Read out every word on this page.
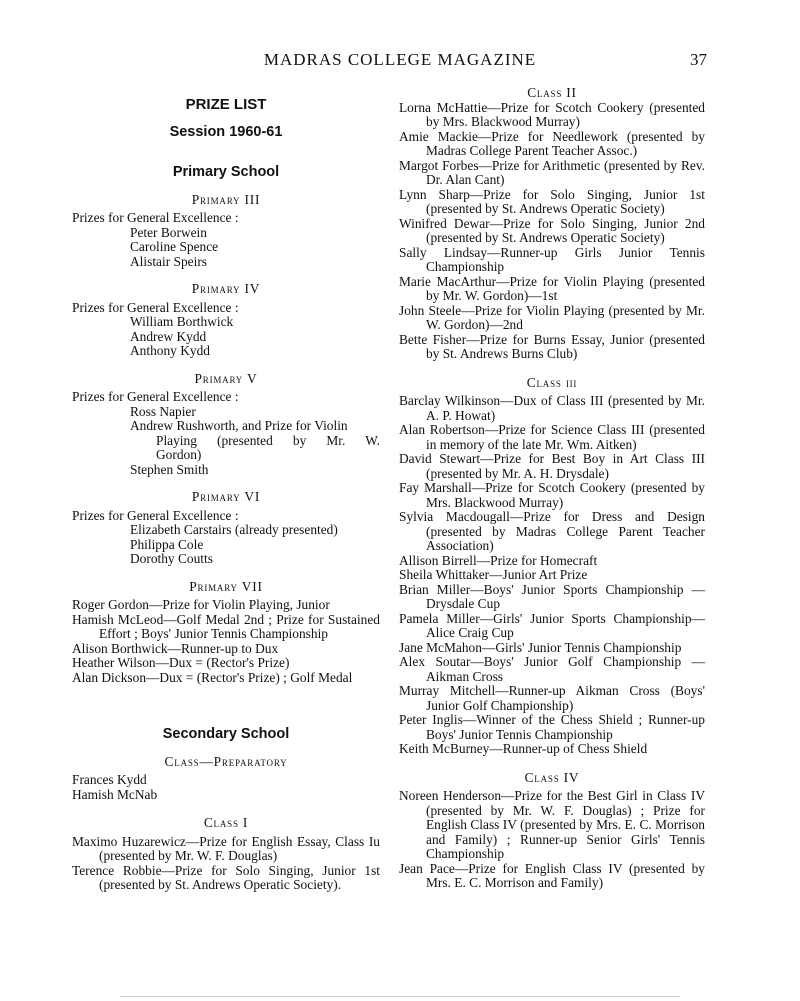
MADRAS COLLEGE MAGAZINE	37

PRIZE LIST

Session 1960-61

Primary School

Primary III

Prizes for General Excellence :

Peter Borwein

Caroline Spence

Alistair Speirs

Primary IV

Prizes for General Excellence :

William Borthwick

Andrew Kydd

Anthony Kydd

Primary V

Prizes for General Excellence :

Ross Napier

Andrew Rushworth, and Prize for Violin

Playing (presented by Mr. W.

Gordon)

Stephen Smith

Primary VI

Prizes for General Excellence :

Elizabeth Carstairs (already presented)

Philippa Cole

Dorothy Coutts

Primary VII

Roger Gordon—Prize for Violin Playing, Junior

Hamish McLeod—Golf Medal 2nd ; Prize for Sustained Effort ; Boys' Junior Tennis Championship

Alison Borthwick—Runner-up to Dux

Heather Wilson—Dux = (Rector's Prize)

Alan Dickson—Dux = (Rector's Prize) ; Golf Medal

Secondary School

Class—Preparatory

Frances Kydd

Hamish McNab

Class I

Maximo Huzarewicz—Prize for English Essay, Class Iu (presented by Mr. W. F. Douglas)

Terence Robbie—Prize for Solo Singing, Junior 1st (presented by St. Andrews Operatic Society).

Class II

Lorna McHattie—Prize for Scotch Cookery (presented by Mrs. Blackwood Murray)

Amie Mackie—Prize for Needlework (presented by Madras College Parent Teacher Assoc.)

Margot Forbes—Prize for Arithmetic (presented by Rev. Dr. Alan Cant)

Lynn Sharp—Prize for Solo Singing, Junior 1st (presented by St. Andrews Operatic Society)

Winifred Dewar—Prize for Solo Singing, Junior 2nd (presented by St. Andrews Operatic Society)

Sally Lindsay—Runner-up Girls Junior Tennis Championship

Marie MacArthur—Prize for Violin Playing (presented by Mr. W. Gordon)—1st

John Steele—Prize for Violin Playing (presented by Mr. W. Gordon)—2nd

Bette Fisher—Prize for Burns Essay, Junior (presented by St. Andrews Burns Club)

Class iii

Barclay Wilkinson—Dux of Class III (presented by Mr. A. P. Howat)

Alan Robertson—Prize for Science Class III (presented in memory of the late Mr. Wm. Aitken)

David Stewart—Prize for Best Boy in Art Class III (presented by Mr. A. H. Drysdale)

Fay Marshall—Prize for Scotch Cookery (presented by Mrs. Blackwood Murray)

Sylvia Macdougall—Prize for Dress and Design (presented by Madras College Parent Teacher Association)

Allison Birrell—Prize for Homecraft

Sheila Whittaker—Junior Art Prize

Brian Miller—Boys' Junior Sports Championship —Drysdale Cup

Pamela Miller—Girls' Junior Sports Championship—Alice Craig Cup

Jane McMahon—Girls' Junior Tennis Championship

Alex Soutar—Boys' Junior Golf Championship —Aikman Cross

Murray Mitchell—Runner-up Aikman Cross (Boys' Junior Golf Championship)

Peter Inglis—Winner of the Chess Shield ; Runner-up Boys' Junior Tennis Championship

Keith McBurney—Runner-up of Chess Shield

Class IV

Noreen Henderson—Prize for the Best Girl in Class IV (presented by Mr. W. F. Douglas) ; Prize for English Class IV (presented by Mrs. E. C. Morrison and Family) ; Runner-up Senior Girls' Tennis Championship

Jean Pace—Prize for English Class IV (presented by Mrs. E. C. Morrison and Family)
